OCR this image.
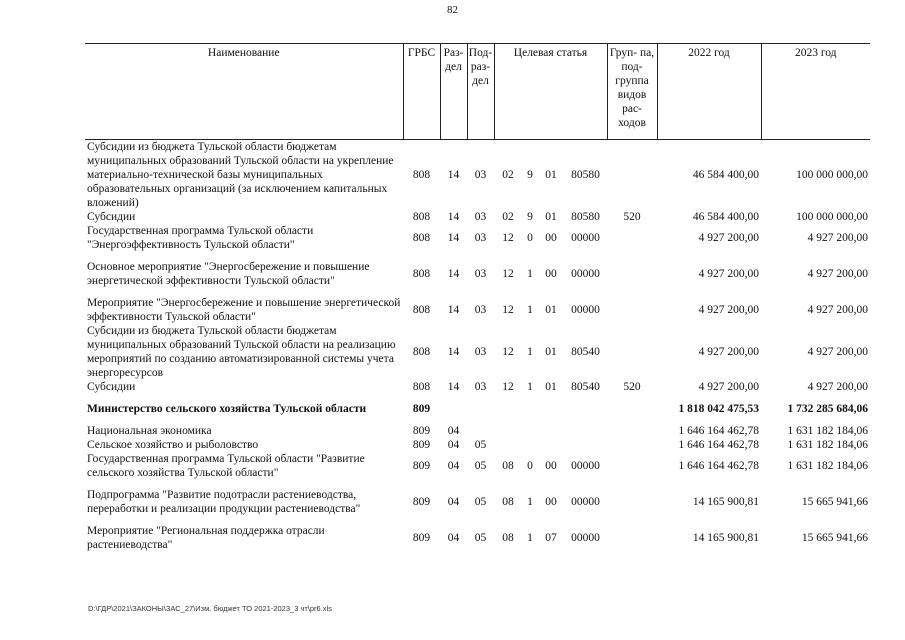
82
Наименование	ГРБС	Раз- дел	Под- раз- дел	Целевая статья				Груп- па, под- группа видов рас- ходов	2022 год	2023 год
Субсидии из бюджета Тульской области бюджетам муниципальных образований Тульской области на укрепление материально-технической базы муниципальных образовательных организаций (за исключением капитальных вложений)	808	14	03	02	9	01	80580		46 584 400,00	100 000 000,00
Субсидии	808	14	03	02	9	01	80580	520	46 584 400,00	100 000 000,00
Государственная программа Тульской области "Энергоэффективность Тульской области"	808	14	03	12	0	00	00000		4 927 200,00	4 927 200,00

Основное мероприятие "Энергосбережение и повышение энергетической эффективности Тульской области"	808	14	03	12	1	00	00000		4 927 200,00	4 927 200,00

Мероприятие "Энергосбережение и повышение энергетической эффективности Тульской области"	808	14	03	12	1	01	00000		4 927 200,00	4 927 200,00
Субсидии из бюджета Тульской области бюджетам муниципальных образований Тульской области на реализацию мероприятий по созданию автоматизированной системы учета энергоресурсов	808	14	03	12	1	01	80540		4 927 200,00	4 927 200,00
Субсидии	808	14	03	12	1	01	80540	520	4 927 200,00	4 927 200,00

Министерство сельского хозяйства Тульской области	809								1 818 042 475,53	1 732 285 684,06

Национальная экономика	809	04							1 646 164 462,78	1 631 182 184,06
Сельское хозяйство и рыболовство	809	04	05						1 646 164 462,78	1 631 182 184,06
Государственная программа Тульской области "Развитие сельского хозяйства Тульской области"	809	04	05	08	0	00	00000		1 646 164 462,78	1 631 182 184,06

Подпрограмма "Развитие подотрасли растениеводства, переработки и реализации продукции растениеводства"	809	04	05	08	1	00	00000		14 165 900,81	15 665 941,66

Мероприятие "Региональная поддержка отрасли растениеводства"	809	04	05	08	1	07	00000		14 165 900,81	15 665 941,66
D:\ГДР\2021\ЗАКОНЫ\ЗАС_27\Изм. бюджет ТО 2021-2023_3 чт\pr6.xls
